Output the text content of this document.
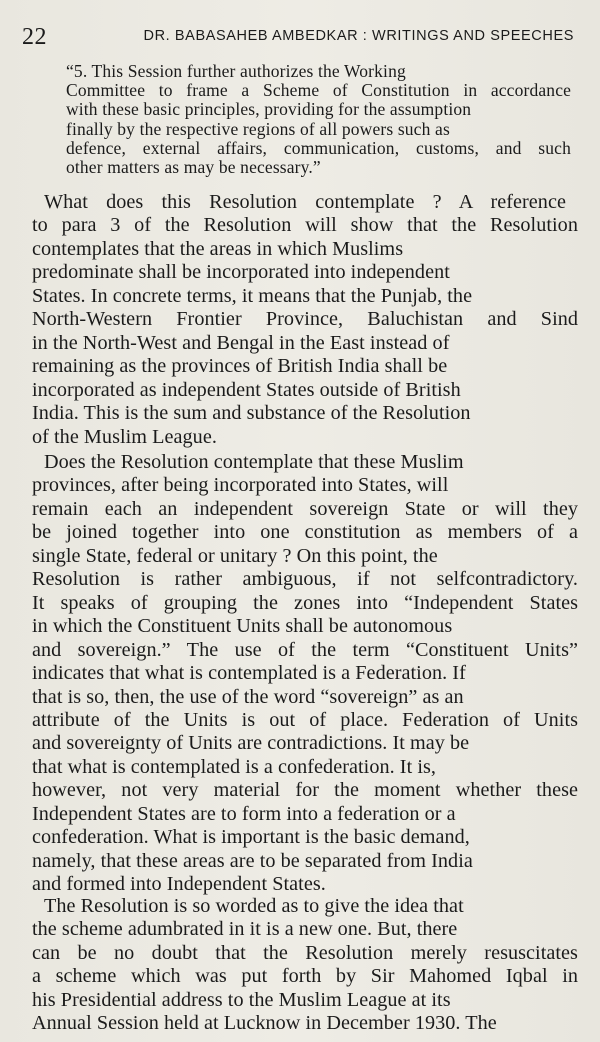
22	DR. BABASAHEB AMBEDKAR : WRITINGS AND SPEECHES
“5. This Session further authorizes the Working
Committee to frame a Scheme of Constitution in accordance
with these basic principles, providing for the assumption
finally by the respective regions of all powers such as
defence, external affairs, communication, customs, and such
other matters as may be necessary.”
What does this Resolution contemplate ? A reference
to para 3 of the Resolution will show that the Resolution
contemplates that the areas in which Muslims
predominate shall be incorporated into independent
States. In concrete terms, it means that the Punjab, the
North-Western Frontier Province, Baluchistan and Sind
in the North-West and Bengal in the East instead of
remaining as the provinces of British India shall be
incorporated as independent States outside of British
India. This is the sum and substance of the Resolution
of the Muslim League.
Does the Resolution contemplate that these Muslim
provinces, after being incorporated into States, will
remain each an independent sovereign State or will they
be joined together into one constitution as members of a
single State, federal or unitary ? On this point, the
Resolution is rather ambiguous, if not selfcontradictory.
It speaks of grouping the zones into “Independent States
in which the Constituent Units shall be autonomous
and sovereign.” The use of the term “Constituent Units”
indicates that what is contemplated is a Federation. If
that is so, then, the use of the word “sovereign” as an
attribute of the Units is out of place. Federation of Units
and sovereignty of Units are contradictions. It may be
that what is contemplated is a confederation. It is,
however, not very material for the moment whether these
Independent States are to form into a federation or a
confederation. What is important is the basic demand,
namely, that these areas are to be separated from India
and formed into Independent States.
The Resolution is so worded as to give the idea that
the scheme adumbrated in it is a new one. But, there
can be no doubt that the Resolution merely resuscitates
a scheme which was put forth by Sir Mahomed Iqbal in
his Presidential address to the Muslim League at its
Annual Session held at Lucknow in December 1930. The
